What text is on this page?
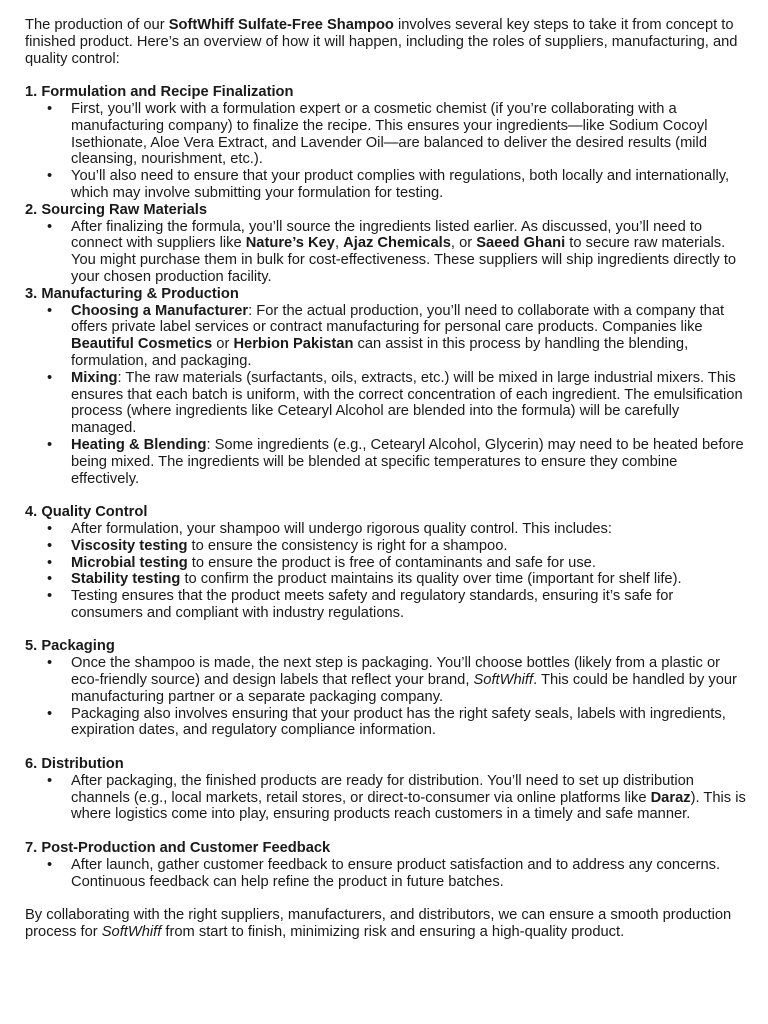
The production of our SoftWhiff Sulfate-Free Shampoo involves several key steps to take it from concept to finished product. Here’s an overview of how it will happen, including the roles of suppliers, manufacturing, and quality control:

1. Formulation and Recipe Finalization

• First, you’ll work with a formulation expert or a cosmetic chemist (if you’re collaborating with a manufacturing company) to finalize the recipe. This ensures your ingredients—like Sodium Cocoyl Isethionate, Aloe Vera Extract, and Lavender Oil—are balanced to deliver the desired results (mild cleansing, nourishment, etc.).
• You’ll also need to ensure that your product complies with regulations, both locally and internationally, which may involve submitting your formulation for testing.

2. Sourcing Raw Materials

• After finalizing the formula, you’ll source the ingredients listed earlier. As discussed, you’ll need to connect with suppliers like Nature’s Key, Ajaz Chemicals, or Saeed Ghani to secure raw materials. You might purchase them in bulk for cost-effectiveness. These suppliers will ship ingredients directly to your chosen production facility.

3. Manufacturing & Production

• Choosing a Manufacturer: For the actual production, you’ll need to collaborate with a company that offers private label services or contract manufacturing for personal care products. Companies like Beautiful Cosmetics or Herbion Pakistan can assist in this process by handling the blending, formulation, and packaging.
• Mixing: The raw materials (surfactants, oils, extracts, etc.) will be mixed in large industrial mixers. This ensures that each batch is uniform, with the correct concentration of each ingredient. The emulsification process (where ingredients like Cetearyl Alcohol are blended into the formula) will be carefully managed.
• Heating & Blending: Some ingredients (e.g., Cetearyl Alcohol, Glycerin) may need to be heated before being mixed. The ingredients will be blended at specific temperatures to ensure they combine effectively.

4. Quality Control

• After formulation, your shampoo will undergo rigorous quality control. This includes:
• Viscosity testing to ensure the consistency is right for a shampoo.
• Microbial testing to ensure the product is free of contaminants and safe for use.
• Stability testing to confirm the product maintains its quality over time (important for shelf life).
• Testing ensures that the product meets safety and regulatory standards, ensuring it’s safe for consumers and compliant with industry regulations.

5. Packaging

• Once the shampoo is made, the next step is packaging. You’ll choose bottles (likely from a plastic or eco-friendly source) and design labels that reflect your brand, SoftWhiff. This could be handled by your manufacturing partner or a separate packaging company.
• Packaging also involves ensuring that your product has the right safety seals, labels with ingredients, expiration dates, and regulatory compliance information.

6. Distribution

• After packaging, the finished products are ready for distribution. You’ll need to set up distribution channels (e.g., local markets, retail stores, or direct-to-consumer via online platforms like Daraz). This is where logistics come into play, ensuring products reach customers in a timely and safe manner.

7. Post-Production and Customer Feedback

• After launch, gather customer feedback to ensure product satisfaction and to address any concerns. Continuous feedback can help refine the product in future batches.

By collaborating with the right suppliers, manufacturers, and distributors, we can ensure a smooth production process for SoftWhiff from start to finish, minimizing risk and ensuring a high-quality product.
